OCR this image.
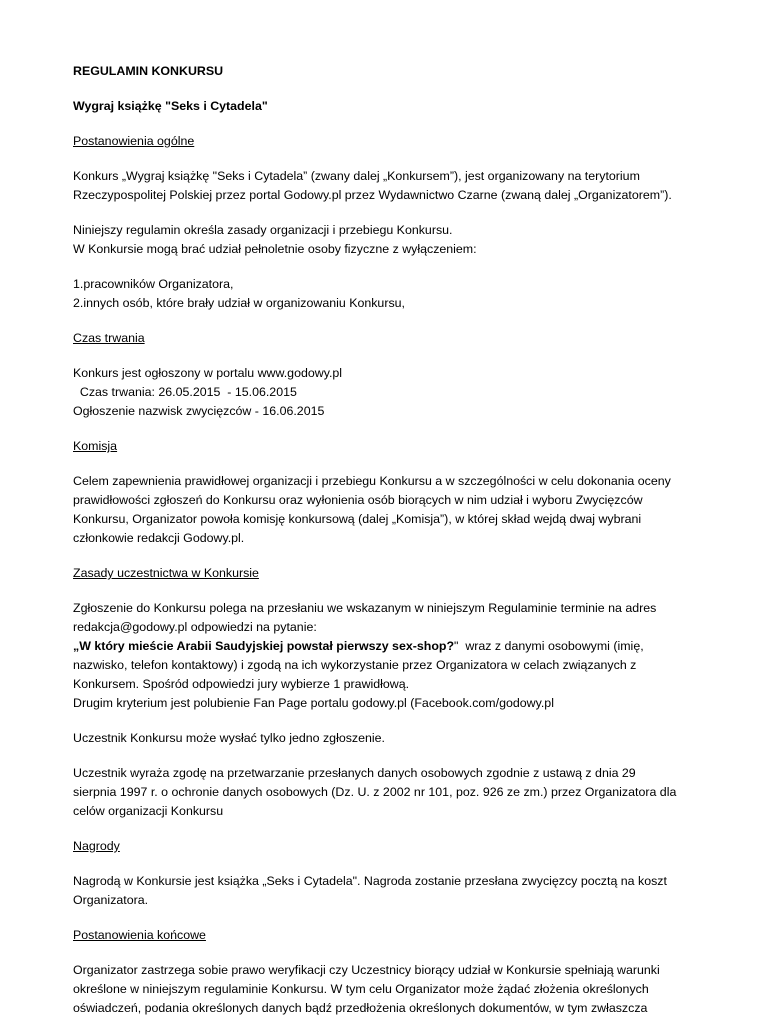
REGULAMIN KONKURSU
Wygraj książkę "Seks i Cytadela"
Postanowienia ogólne
Konkurs „Wygraj książkę "Seks i Cytadela” (zwany dalej „Konkursem”), jest organizowany na terytorium
Rzeczypospolitej Polskiej przez portal Godowy.pl przez Wydawnictwo Czarne (zwaną dalej „Organizatorem”).
Niniejszy regulamin określa zasady organizacji i przebiegu Konkursu.
W Konkursie mogą brać udział pełnoletnie osoby fizyczne z wyłączeniem:
1.pracowników Organizatora,
2.innych osób, które brały udział w organizowaniu Konkursu,
Czas trwania
Konkurs jest ogłoszony w portalu www.godowy.pl
Czas trwania: 26.05.2015  - 15.06.2015
Ogłoszenie nazwisk zwycięzców - 16.06.2015
Komisja
Celem zapewnienia prawidłowej organizacji i przebiegu Konkursu a w szczególności w celu dokonania oceny
prawidłowości zgłoszeń do Konkursu oraz wyłonienia osób biorących w nim udział i wyboru Zwycięzców
Konkursu, Organizator powoła komisję konkursową (dalej „Komisja”), w której skład wejdą dwaj wybrani
członkowie redakcji Godowy.pl.
Zasady uczestnictwa w Konkursie
Zgłoszenie do Konkursu polega na przesłaniu we wskazanym w niniejszym Regulaminie terminie na adres
redakcja@godowy.pl odpowiedzi na pytanie:
„W który mieście Arabii Saudyjskiej powstał pierwszy sex-shop?"  wraz z danymi osobowymi (imię,
nazwisko, telefon kontaktowy) i zgodą na ich wykorzystanie przez Organizatora w celach związanych z
Konkursem. Spośród odpowiedzi jury wybierze 1 prawidłową.
Drugim kryterium jest polubienie Fan Page portalu godowy.pl (Facebook.com/godowy.pl
Uczestnik Konkursu może wysłać tylko jedno zgłoszenie.
Uczestnik wyraża zgodę na przetwarzanie przesłanych danych osobowych zgodnie z ustawą z dnia 29
sierpnia 1997 r. o ochronie danych osobowych (Dz. U. z 2002 nr 101, poz. 926 ze zm.) przez Organizatora dla
celów organizacji Konkursu
Nagrody
Nagrodą w Konkursie jest książka „Seks i Cytadela". Nagroda zostanie przesłana zwycięzcy pocztą na koszt
Organizatora.
Postanowienia końcowe
Organizator zastrzega sobie prawo weryfikacji czy Uczestnicy biorący udział w Konkursie spełniają warunki
określone w niniejszym regulaminie Konkursu. W tym celu Organizator może żądać złożenia określonych
oświadczeń, podania określonych danych bądź przedłożenia określonych dokumentów, w tym zwłaszcza
